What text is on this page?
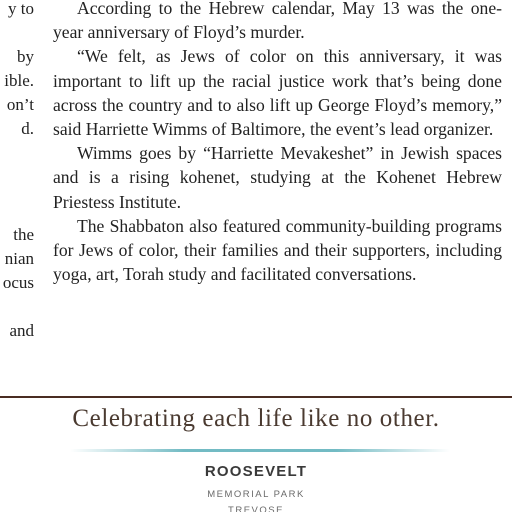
y to
by
ible.
on’t
d.
the
nian
ocus
and

According to the Hebrew calendar, May 13 was the one-year anniversary of Floyd’s murder.

“We felt, as Jews of color on this anniversary, it was important to lift up the racial justice work that’s being done across the country and to also lift up George Floyd’s memory,” said Harriette Wimms of Baltimore, the event’s lead organizer.

Wimms goes by “Harriette Mevakeshet” in Jewish spaces and is a rising kohenet, studying at the Kohenet Hebrew Priestess Institute.

The Shabbaton also featured community-building programs for Jews of color, their families and their supporters, including yoga, art, Torah study and facilitated conversations.

Celebrating each life like no other.
ROOSEVELT
MEMORIAL PARK
TREVOSE
